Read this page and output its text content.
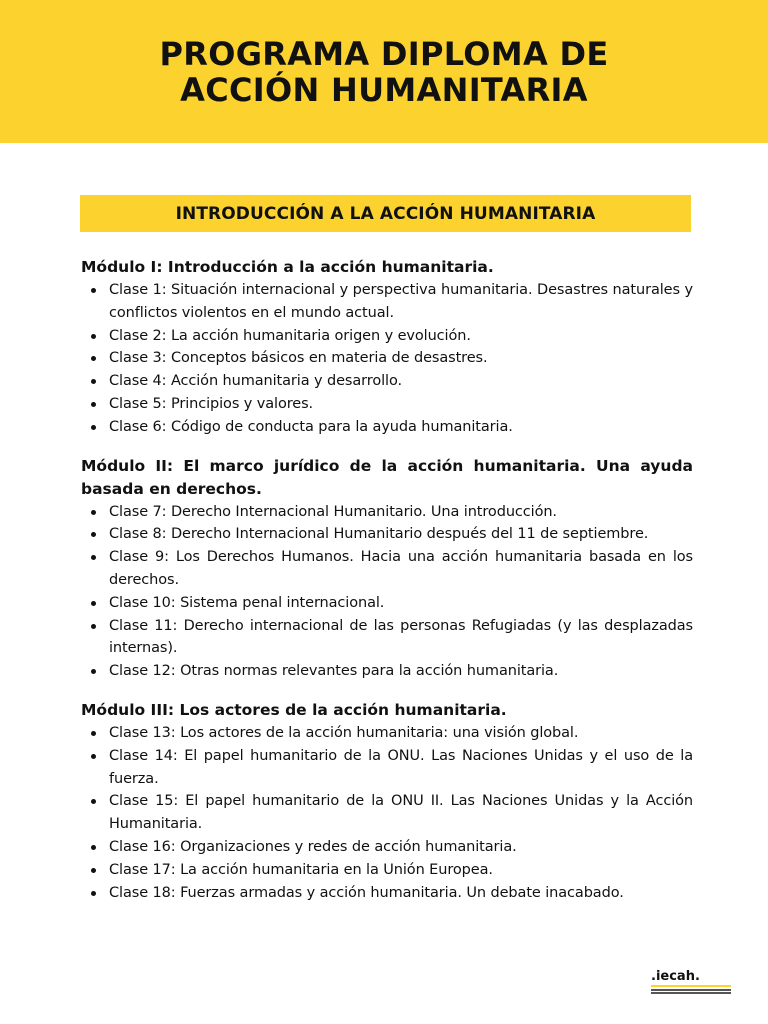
PROGRAMA DIPLOMA DE
ACCIÓN HUMANITARIA
INTRODUCCIÓN A LA ACCIÓN HUMANITARIA

Módulo I: Introducción a la acción humanitaria.

Clase 1: Situación internacional y perspectiva humanitaria. Desastres naturales y conflictos violentos en el mundo actual.
Clase 2: La acción humanitaria origen y evolución.
Clase 3: Conceptos básicos en materia de desastres.
Clase 4: Acción humanitaria y desarrollo.
Clase 5: Principios y valores.
Clase 6: Código de conducta para la ayuda humanitaria.

Módulo II: El marco jurídico de la acción humanitaria. Una ayuda basada en derechos.

Clase 7: Derecho Internacional Humanitario. Una introducción.
Clase 8: Derecho Internacional Humanitario después del 11 de septiembre.
Clase 9: Los Derechos Humanos. Hacia una acción humanitaria basada en los derechos.
Clase 10: Sistema penal internacional.
Clase 11: Derecho internacional de las personas Refugiadas (y las desplazadas internas).
Clase 12: Otras normas relevantes para la acción humanitaria.

Módulo III: Los actores de la acción humanitaria.

Clase 13: Los actores de la acción humanitaria: una visión global.
Clase 14: El papel humanitario de la ONU. Las Naciones Unidas y el uso de la fuerza.
Clase 15: El papel humanitario de la ONU II. Las Naciones Unidas y la Acción Humanitaria.
Clase 16: Organizaciones y redes de acción humanitaria.
Clase 17: La acción humanitaria en la Unión Europea.
Clase 18: Fuerzas armadas y acción humanitaria. Un debate inacabado.
.iecah.
